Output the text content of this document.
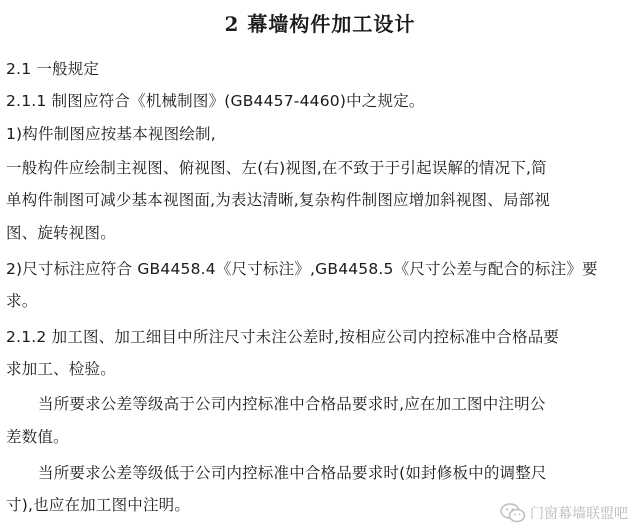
2 幕墙构件加工设计
2.1 一般规定
2.1.1 制图应符合《机械制图》(GB4457-4460)中之规定。
1)构件制图应按基本视图绘制,
一般构件应绘制主视图、俯视图、左(右)视图,在不致于于引起误解的情况下,简
单构件制图可减少基本视图面,为表达清晰,复杂构件制图应增加斜视图、局部视
图、旋转视图。
2)尺寸标注应符合 GB4458.4《尺寸标注》,GB4458.5《尺寸公差与配合的标注》要
求。
2.1.2 加工图、加工细目中所注尺寸未注公差时,按相应公司内控标准中合格品要
求加工、检验。
当所要求公差等级高于公司内控标准中合格品要求时,应在加工图中注明公
差数值。
当所要求公差等级低于公司内控标准中合格品要求时(如封修板中的调整尺
寸),也应在加工图中注明。	门窗幕墙联盟吧
